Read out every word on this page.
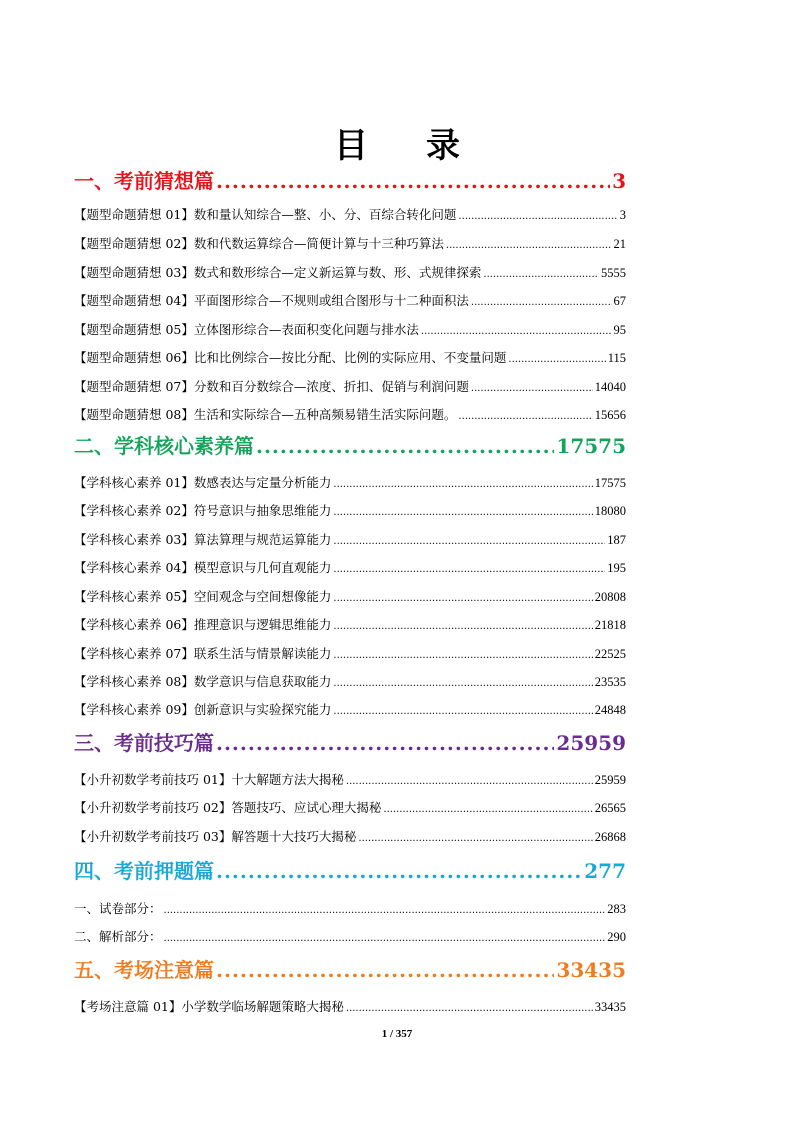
目 录
一、考前猜想篇 .....	3
【题型命题猜想 01】数和量认知综合—整、小、分、百综合转化问题 .....	3
【题型命题猜想 02】数和代数运算综合—简便计算与十三种巧算法 .....	21
【题型命题猜想 03】数式和数形综合—定义新运算与数、形、式规律探索 .....	5555
【题型命题猜想 04】平面图形综合—不规则或组合图形与十二种面积法 .....	67
【题型命题猜想 05】立体图形综合—表面积变化问题与排水法 .....	95
【题型命题猜想 06】比和比例综合—按比分配、比例的实际应用、不变量问题 .....	115
【题型命题猜想 07】分数和百分数综合—浓度、折扣、促销与利润问题 .....	14040
【题型命题猜想 08】生活和实际综合—五种高频易错生活实际问题。 .....	15656
二、学科核心素养篇 .....	17575
【学科核心素养 01】数感表达与定量分析能力 .....	17575
【学科核心素养 02】符号意识与抽象思维能力 .....	18080
【学科核心素养 03】算法算理与规范运算能力 .....	187
【学科核心素养 04】模型意识与几何直观能力 .....	195
【学科核心素养 05】空间观念与空间想像能力 .....	20808
【学科核心素养 06】推理意识与逻辑思维能力 .....	21818
【学科核心素养 07】联系生活与情景解读能力 .....	22525
【学科核心素养 08】数学意识与信息获取能力 .....	23535
【学科核心素养 09】创新意识与实验探究能力 .....	24848
三、考前技巧篇 .....	25959
【小升初数学考前技巧 01】十大解题方法大揭秘 .....	25959
【小升初数学考前技巧 02】答题技巧、应试心理大揭秘 .....	26565
【小升初数学考前技巧 03】解答题十大技巧大揭秘 .....	26868
四、考前押题篇 .....	277
一、试卷部分： .....	283
二、解析部分： .....	290
五、考场注意篇 .....	33435
【考场注意篇 01】小学数学临场解题策略大揭秘 .....	33435
1 / 357
